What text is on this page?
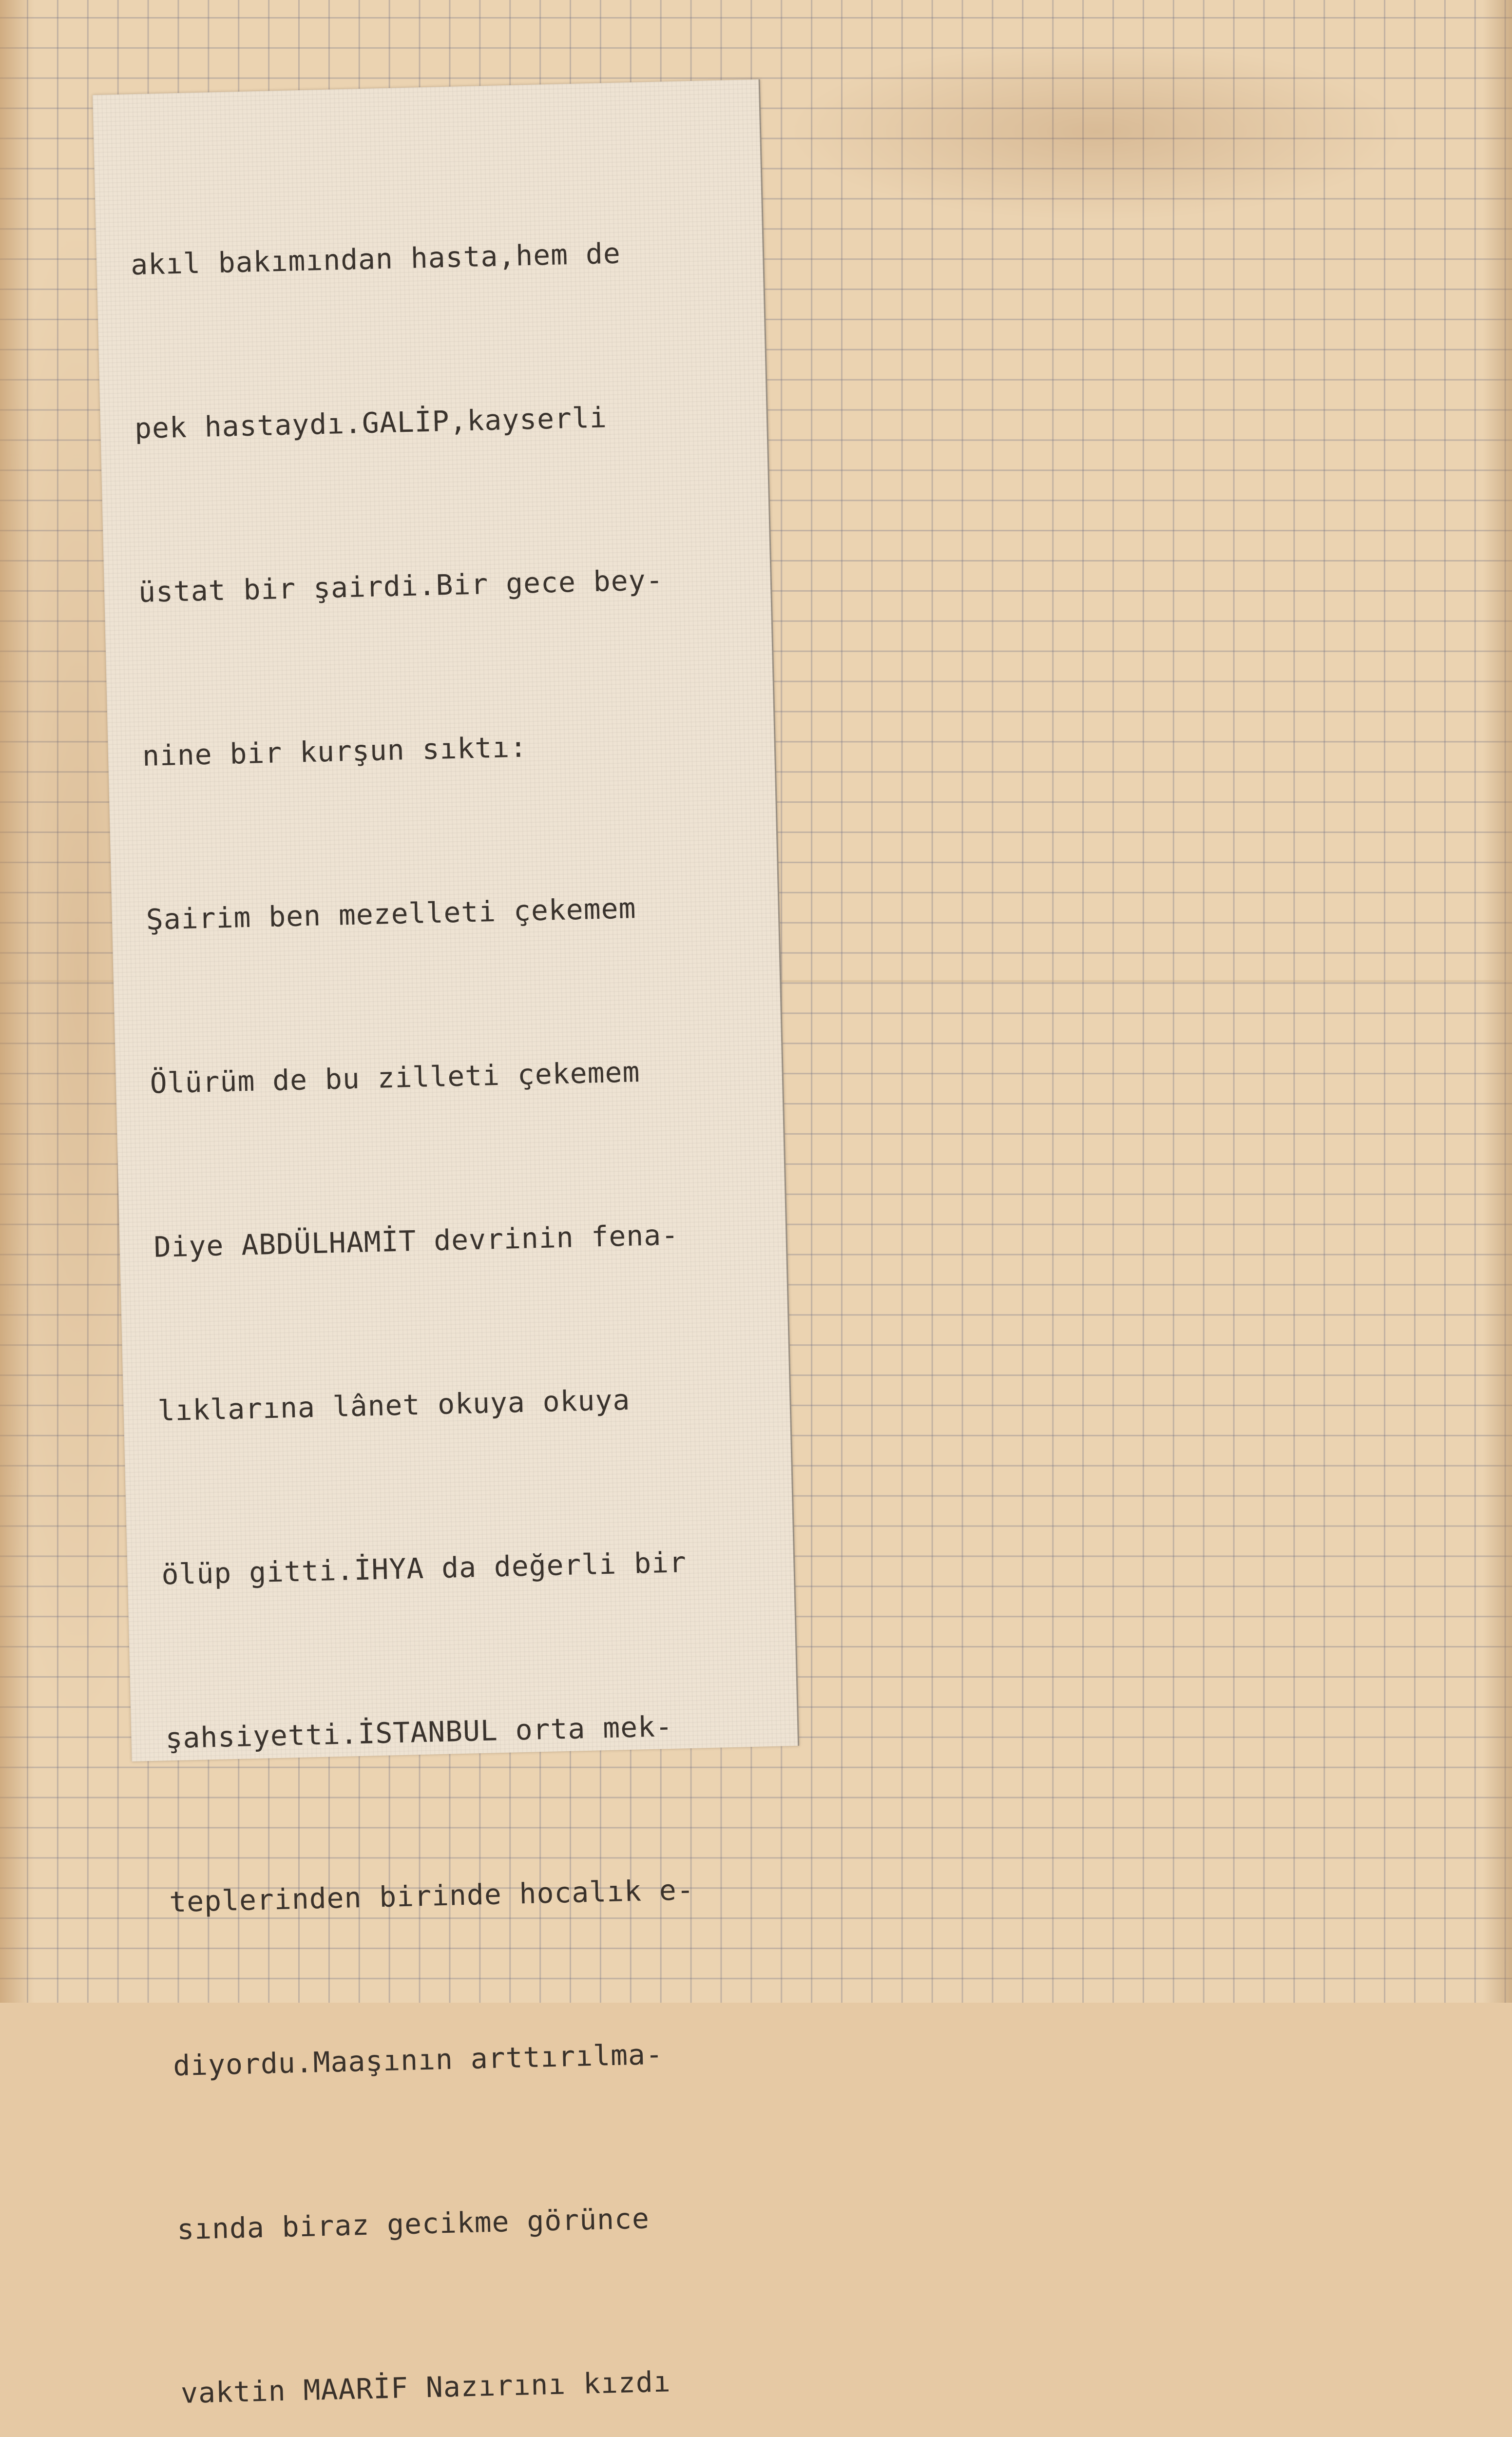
akıl bakımından hasta,hem de

pek hastaydı.GALİP,kayserli

üstat bir şairdi.Bir gece bey-

nine bir kurşun sıktı:

Şairim ben mezelleti çekemem

Ölürüm de bu zilleti çekemem

Diye ABDÜLHAMİT devrinin fena-

lıklarına lânet okuya okuya

ölüp gitti.İHYA da değerli bir

şahsiyetti.İSTANBUL orta mek-

teplerinden birinde hocalık e-

diyordu.Maaşının arttırılma-

sında biraz gecikme görünce

vaktin MAARİF Nazırını kızdı
